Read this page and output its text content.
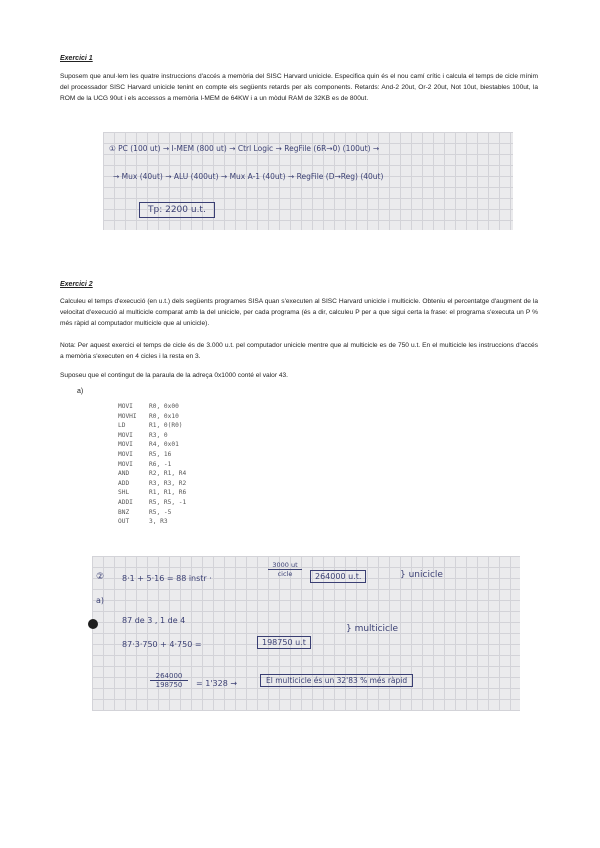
Exercici 1
Suposem que anul·lem les quatre instruccions d'accés a memòria del SISC Harvard unicicle. Especifica quin és el nou camí crític i calcula el temps de cicle mínim del processador SISC Harvard unicicle tenint en compte els següents retards per als components. Retards: And-2 20ut, Or-2 20ut, Not 10ut, biestables 100ut, la ROM de la UCG 90ut i els accessos a memòria I-MEM de 64KW i a un mòdul RAM de 32KB es de 800ut.
① PC (100 ut) → I-MEM (800 ut) → Ctrl Logic → RegFile (6R→0) (100ut) →
→ Mux (40ut) → ALU (400ut) → Mux A-1 (40ut) → RegFile (D→Reg) (40ut)
Tp: 2200 u.t.
Exercici 2
Calculeu el temps d'execució (en u.t.) dels següents programes SISA quan s'executen al SISC Harvard unicicle i multicicle. Obteniu el percentatge d'augment de la velocitat d'execució al multicicle comparat amb la del unicicle, per cada programa (és a dir, calculeu P per a que sigui certa la frase: el programa s'executa un P % més ràpid al computador multicicle que al unicicle).
Nota: Per aquest exercici el temps de cicle és de 3.000 u.t. pel computador unicicle mentre que al multicicle es de 750 u.t. En el multicicle les instruccions d'accés a memòria s'executen en 4 cicles i la resta en 3.
Suposeu que el contingut de la paraula de la adreça 0x1000 conté el valor 43.
a)
MOVI	R0, 0x00
MOVHI	R0, 0x10
LD	R1, 0(R0)
MOVI	R3, 0
MOVI	R4, 0x01
MOVI	R5, 16
MOVI	R6, -1
AND	R2, R1, R4
ADD	R3, R3, R2
SHL	R1, R1, R6
ADDI	R5, R5, -1
BNZ	R5, -5
OUT	3, R3
②
a)
8·1 + 5·16 = 88 instr ·
3000 ut
cicle	264000 u.t.	} unicicle
87 de 3 , 1 de 4
87·3·750 + 4·750 =	198750 u.t
} multicicle
$\frac{264000}{198750} = 1'328$ →	El multicicle és un 32'83 % més ràpid
